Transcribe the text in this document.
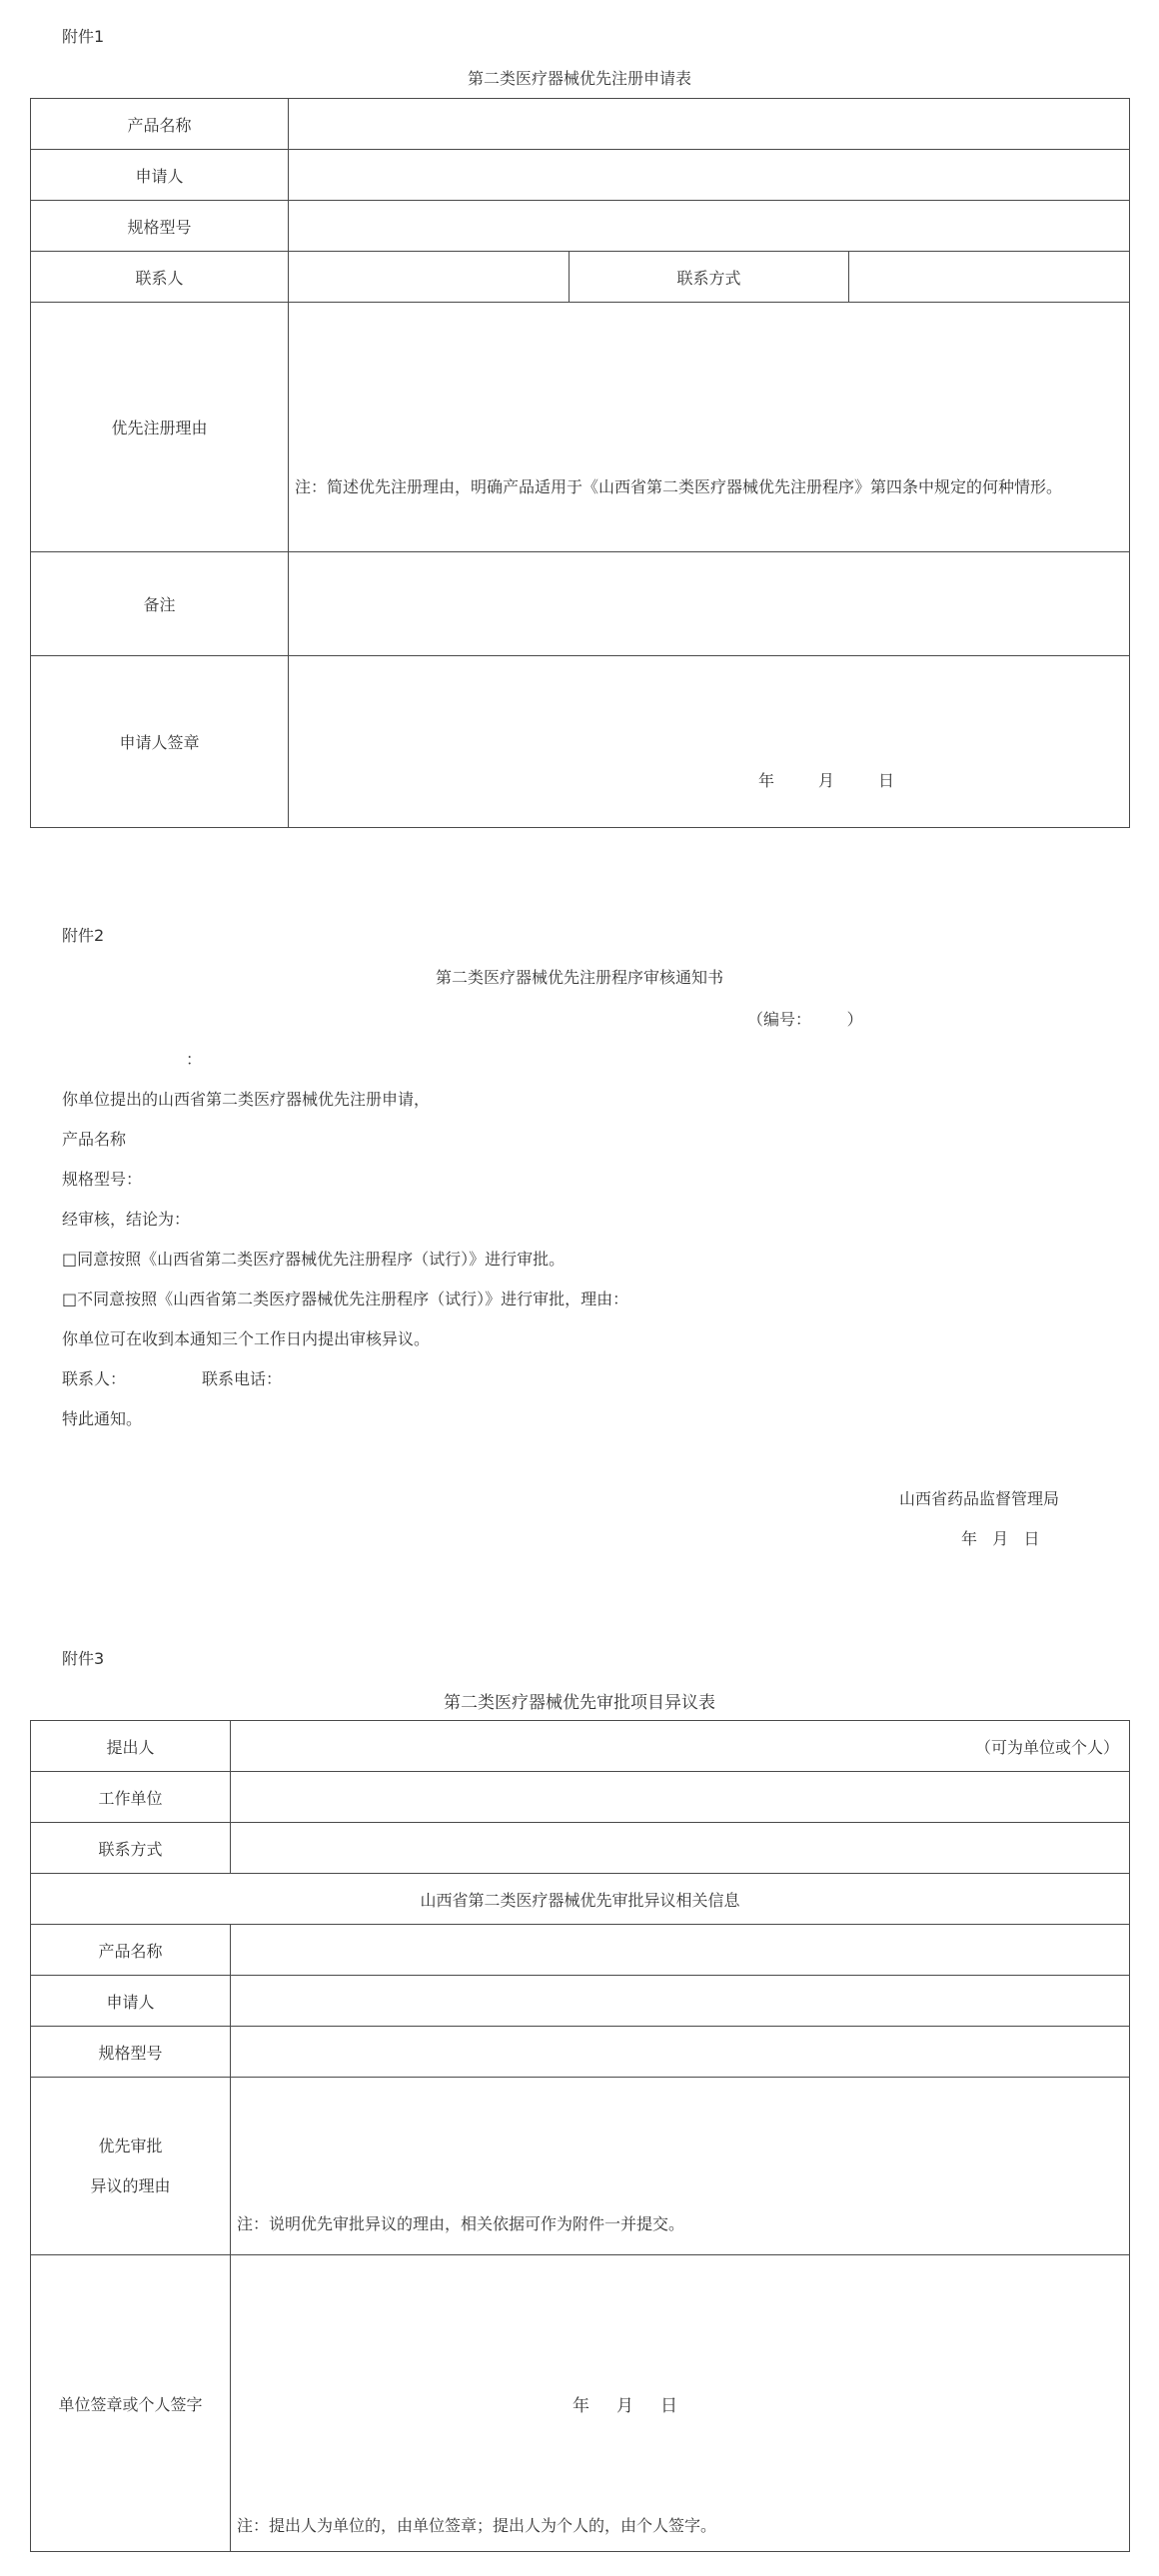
附件1
第二类医疗器械优先注册申请表
产品名称			
申请人			
规格型号			
联系人		联系方式	
优先注册理由	注：简述优先注册理由，明确产品适用于《山西省第二类医疗器械优先注册程序》第四条中规定的何种情形。		

备注			
申请人签章	年 月 日		
附件2
第二类医疗器械优先注册程序审核通知书
（编号：       ）
：
你单位提出的山西省第二类医疗器械优先注册申请，
产品名称
规格型号：
经审核，结论为：
□同意按照《山西省第二类医疗器械优先注册程序（试行）》进行审批。
□不同意按照《山西省第二类医疗器械优先注册程序（试行）》进行审批，理由：
你单位可在收到本通知三个工作日内提出审核异议。
联系人：	联系电话：
特此通知。
山西省药品监督管理局
年   月   日
附件3
第二类医疗器械优先审批项目异议表
提出人	（可为单位或个人）
工作单位	
联系方式	
山西省第二类医疗器械优先审批异议相关信息	
产品名称	
申请人	
规格型号	

优先审批
异议的理由	注：说明优先审批异议的理由，相关依据可作为附件一并提交。

单位签章或个人签字	年     月     日
注：提出人为单位的，由单位签章；提出人为个人的，由个人签字。
